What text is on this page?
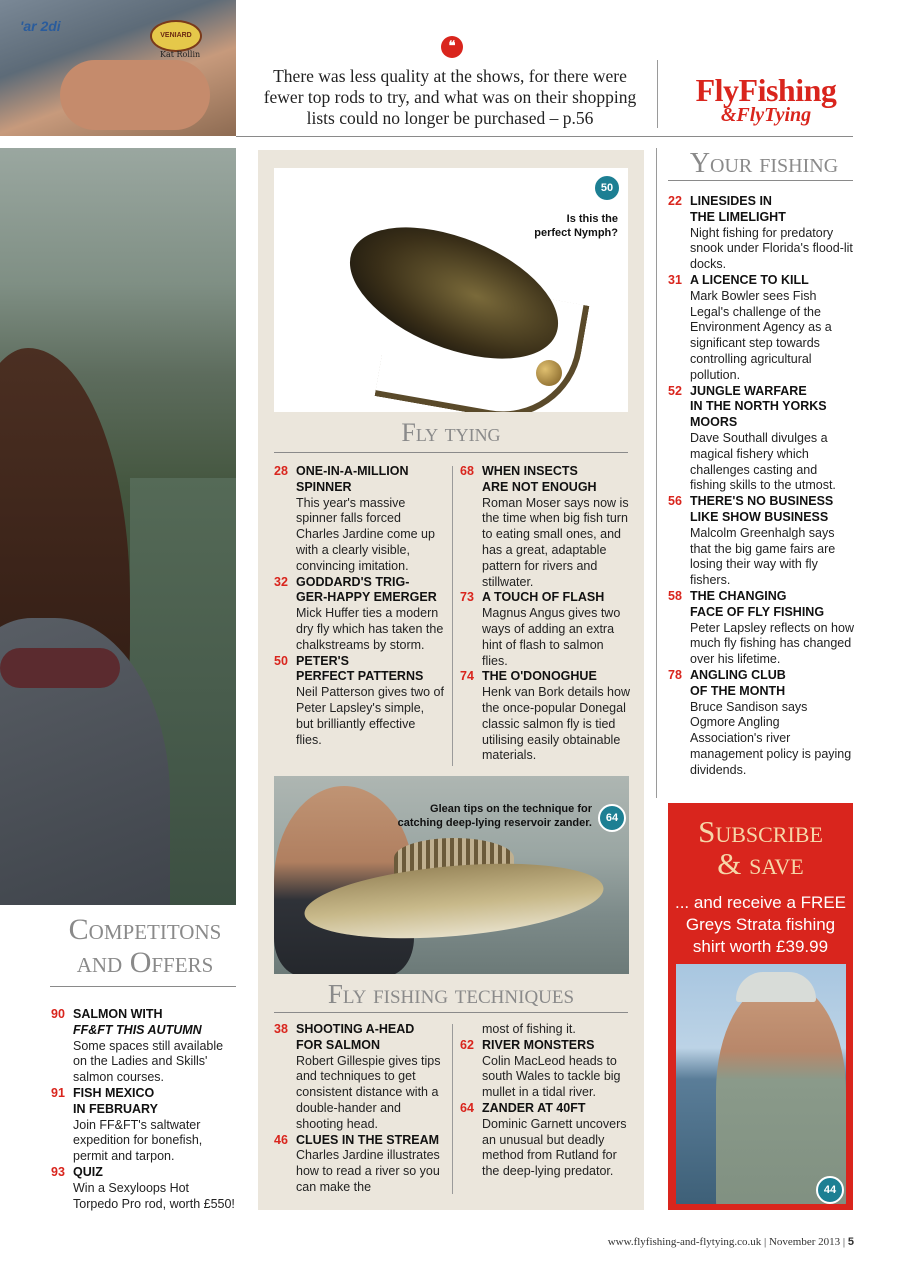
VENIARD
Kat Rollin
'ar 2di
❝
There was less quality at the shows, for there were fewer top rods to try, and what was on their shopping lists could no longer be purchased – p.56
FlyFishing
&FlyTying
Competitons
and Offers
90 SALMON WITH
FF&FT THIS AUTUMN
Some spaces still available on the Ladies and Skills' salmon courses.
91 FISH MEXICO
IN FEBRUARY
Join FF&FT's saltwater expedition for bonefish, permit and tarpon.
93 QUIZ
Win a Sexyloops Hot Torpedo Pro rod, worth £550!
50
Is this the
perfect Nymph?
Fly tying
28 ONE-IN-A-MILLION
SPINNER
This year's massive spinner falls forced Charles Jardine come up with a clearly visible, convincing imitation.
32 GODDARD'S TRIG-
GER-HAPPY EMERGER
Mick Huffer ties a modern dry fly which has taken the chalkstreams by storm.
50 PETER'S
PERFECT PATTERNS
Neil Patterson gives two of Peter Lapsley's simple, but brilliantly effective flies.
68 WHEN INSECTS
ARE NOT ENOUGH
Roman Moser says now is the time when big fish turn to eating small ones, and has a great, adaptable pattern for rivers and stillwater.
73 A TOUCH OF FLASH
Magnus Angus gives two ways of adding an extra hint of flash to salmon flies.
74 THE O'DONOGHUE
Henk van Bork details how the once-popular Donegal classic salmon fly is tied utilising easily obtainable materials.
Glean tips on the technique for
catching deep-lying reservoir zander.	64
Fly fishing techniques
38 SHOOTING A-HEAD
FOR SALMON
Robert Gillespie gives tips and techniques to get consistent distance with a double-hander and shooting head.
46 CLUES IN THE STREAM
Charles Jardine illustrates how to read a river so you can make the
most of fishing it.
62 RIVER MONSTERS
Colin MacLeod heads to south Wales to tackle big mullet in a tidal river.
64 ZANDER AT 40FT
Dominic Garnett uncovers an unusual but deadly method from Rutland for the deep-lying predator.
Your fishing
22 LINESIDES IN
THE LIMELIGHT
Night fishing for predatory snook under Florida's flood-lit docks.
31 A LICENCE TO KILL
Mark Bowler sees Fish Legal's challenge of the Environment Agency as a significant step towards controlling agricultural pollution.
52 JUNGLE WARFARE
IN THE NORTH YORKS MOORS
Dave Southall divulges a magical fishery which challenges casting and fishing skills to the utmost.
56 THERE'S NO BUSINESS
LIKE SHOW BUSINESS
Malcolm Greenhalgh says that the big game fairs are losing their way with fly fishers.
58 THE CHANGING
FACE OF FLY FISHING
Peter Lapsley reflects on how much fly fishing has changed over his lifetime.
78 ANGLING CLUB
OF THE MONTH
Bruce Sandison says Ogmore Angling Association's river management policy is paying dividends.
Subscribe
& save
... and receive a FREE Greys Strata fishing shirt worth £39.99
44
www.flyfishing-and-flytying.co.uk | November 2013 | 5
